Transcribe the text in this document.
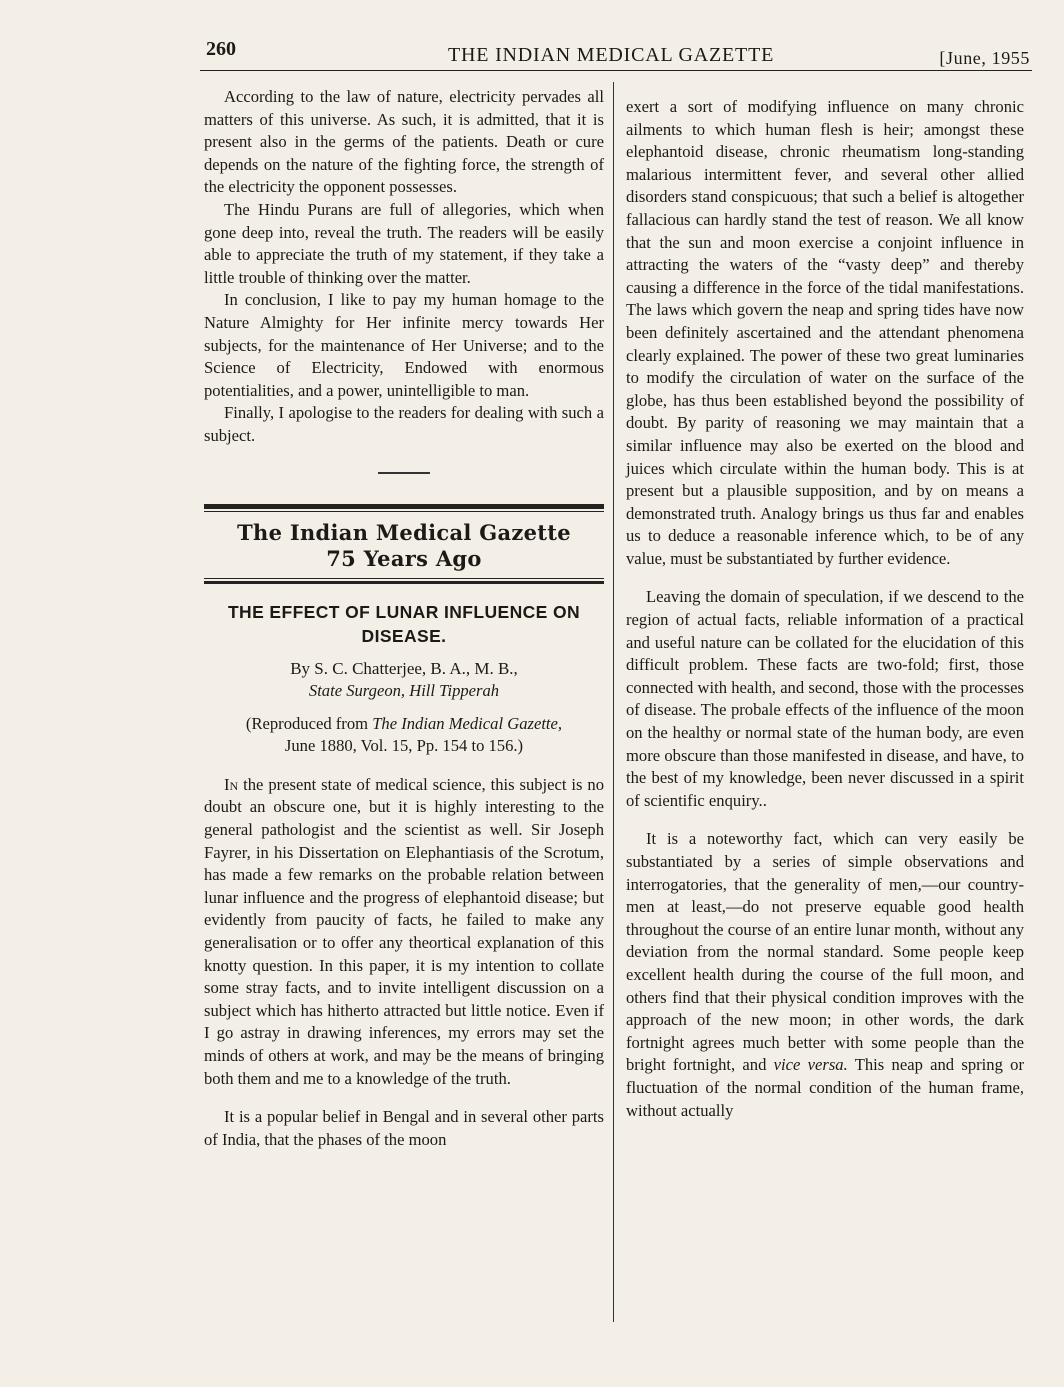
260	THE INDIAN MEDICAL GAZETTE	[June, 1955

According to the law of nature, electricity pervades all matters of this universe. As such, it is admitted, that it is present also in the germs of the patients. Death or cure depends on the nature of the fighting force, the strength of the electricity the opponent possesses.

The Hindu Purans are full of allegories, which when gone deep into, reveal the truth. The readers will be easily able to appreciate the truth of my statement, if they take a little trouble of thinking over the matter.

In conclusion, I like to pay my human homage to the Nature Almighty for Her infinite mercy towards Her subjects, for the maintenance of Her Universe; and to the Science of Electricity, Endowed with enormous potentialities, and a power, unintelligible to man.

Finally, I apologise to the readers for dealing with such a subject.

The Indian Medical Gazette
75 Years Ago
THE EFFECT OF LUNAR INFLUENCE ON DISEASE.
By S. C. Chatterjee, B. A., M. B.,
State Surgeon, Hill Tipperah
(Reproduced from The Indian Medical Gazette,
June 1880, Vol. 15, Pp. 154 to 156.)

In the present state of medical science, this subject is no doubt an obscure one, but it is highly interesting to the general pathologist and the scientist as well. Sir Joseph Fayrer, in his Dissertation on Elephantiasis of the Scrotum, has made a few remarks on the probable relation between lunar influence and the progress of elephantoid disease; but evidently from paucity of facts, he failed to make any generalisation or to offer any theortical explanation of this knotty question. In this paper, it is my intention to collate some stray facts, and to invite intelligent discussion on a subject which has hitherto attracted but little notice. Even if I go astray in drawing inferences, my errors may set the minds of others at work, and may be the means of bringing both them and me to a knowledge of the truth.

It is a popular belief in Bengal and in several other parts of India, that the phases of the moon

exert a sort of modifying influence on many chronic ailments to which human flesh is heir; amongst these elephantoid disease, chronic rheumatism long-standing malarious intermittent fever, and several other allied disorders stand conspicuous; that such a belief is altogether fallacious can hardly stand the test of reason. We all know that the sun and moon exercise a conjoint influence in attracting the waters of the “vasty deep” and thereby causing a difference in the force of the tidal manifestations. The laws which govern the neap and spring tides have now been definitely ascertained and the attendant phenomena clearly explained. The power of these two great luminaries to modify the circulation of water on the surface of the globe, has thus been established beyond the possibility of doubt. By parity of reasoning we may maintain that a similar influence may also be exerted on the blood and juices which circulate within the human body. This is at present but a plausible supposition, and by on means a demonstrated truth. Analogy brings us thus far and enables us to deduce a reasonable inference which, to be of any value, must be substantiated by further evidence.

Leaving the domain of speculation, if we descend to the region of actual facts, reliable information of a practical and useful nature can be collated for the elucidation of this difficult problem. These facts are two-fold; first, those connected with health, and second, those with the processes of disease. The probale effects of the influence of the moon on the healthy or normal state of the human body, are even more obscure than those manifested in disease, and have, to the best of my knowledge, been never discussed in a spirit of scientific enquiry..

It is a noteworthy fact, which can very easily be substantiated by a series of simple observations and interrogatories, that the generality of men,—our country-men at least,—do not preserve equable good health throughout the course of an entire lunar month, without any deviation from the normal standard. Some people keep excellent health during the course of the full moon, and others find that their physical condition improves with the approach of the new moon; in other words, the dark fortnight agrees much better with some people than the bright fortnight, and vice versa. This neap and spring or fluctuation of the normal condition of the human frame, without actually
